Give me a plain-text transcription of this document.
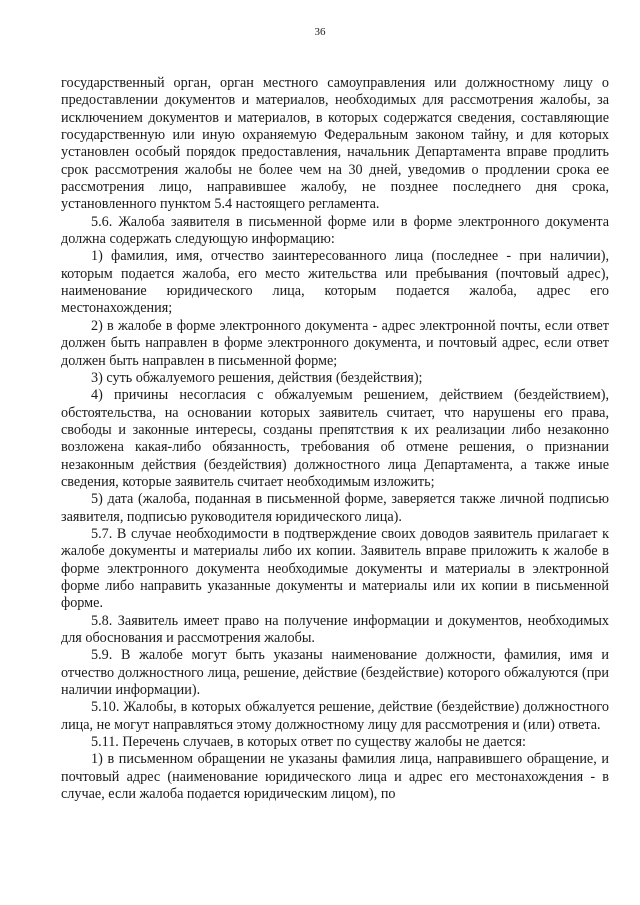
36

государственный орган, орган местного самоуправления или должностному лицу о предоставлении документов и материалов, необходимых для рассмотрения жалобы, за исключением документов и материалов, в которых содержатся сведения, составляющие государственную или иную охраняемую Федеральным законом тайну, и для которых установлен особый порядок предоставления, начальник Департамента вправе продлить срок рассмотрения жалобы не более чем на 30 дней, уведомив о продлении срока ее рассмотрения лицо, направившее жалобу, не позднее последнего дня срока, установленного пунктом 5.4 настоящего регламента.

5.6. Жалоба заявителя в письменной форме или в форме электронного документа должна содержать следующую информацию:

1) фамилия, имя, отчество заинтересованного лица (последнее - при наличии), которым подается жалоба, его место жительства или пребывания (почтовый адрес), наименование юридического лица, которым подается жалоба, адрес его местонахождения;

2) в жалобе в форме электронного документа - адрес электронной почты, если ответ должен быть направлен в форме электронного документа, и почтовый адрес, если ответ должен быть направлен в письменной форме;

3) суть обжалуемого решения, действия (бездействия);

4) причины несогласия с обжалуемым решением, действием (бездействием), обстоятельства, на основании которых заявитель считает, что нарушены его права, свободы и законные интересы, созданы препятствия к их реализации либо незаконно возложена какая-либо обязанность, требования об отмене решения, о признании незаконным действия (бездействия) должностного лица Департамента, а также иные сведения, которые заявитель считает необходимым изложить;

5) дата (жалоба, поданная в письменной форме, заверяется также личной подписью заявителя, подписью руководителя юридического лица).

5.7. В случае необходимости в подтверждение своих доводов заявитель прилагает к жалобе документы и материалы либо их копии. Заявитель вправе приложить к жалобе в форме электронного документа необходимые документы и материалы в электронной форме либо направить указанные документы и материалы или их копии в письменной форме.

5.8. Заявитель имеет право на получение информации и документов, необходимых для обоснования и рассмотрения жалобы.

5.9. В жалобе могут быть указаны наименование должности, фамилия, имя и отчество должностного лица, решение, действие (бездействие) которого обжалуются (при наличии информации).

5.10. Жалобы, в которых обжалуется решение, действие (бездействие) должностного лица, не могут направляться этому должностному лицу для рассмотрения и (или) ответа.

5.11. Перечень случаев, в которых ответ по существу жалобы не дается:

1) в письменном обращении не указаны фамилия лица, направившего обращение, и почтовый адрес (наименование юридического лица и адрес его местонахождения - в случае, если жалоба подается юридическим лицом), по
